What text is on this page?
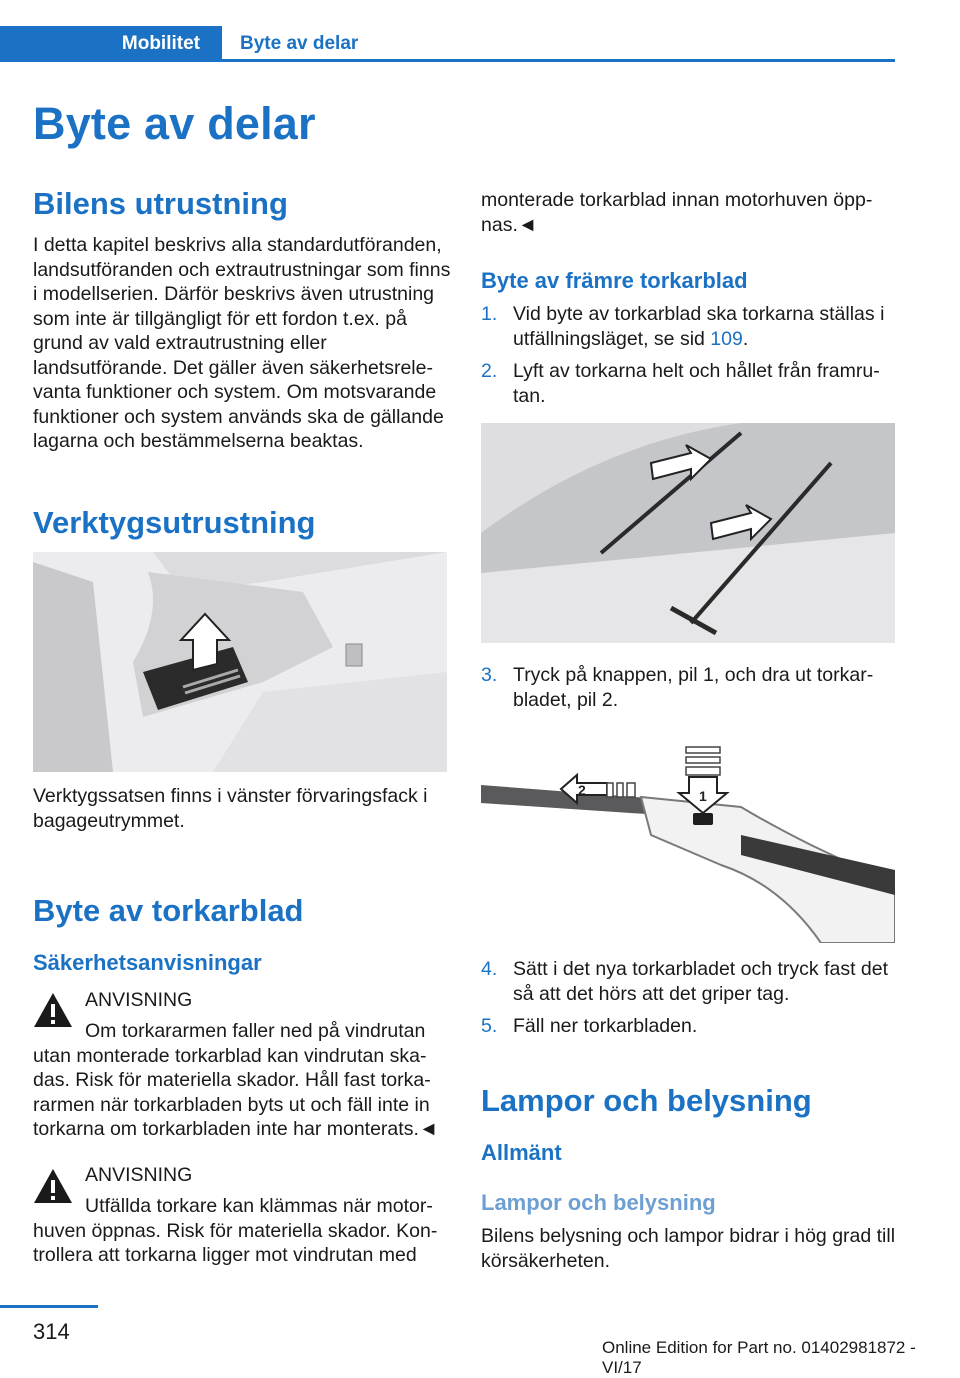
Mobilitet	Byte av delar
Byte av delar
Bilens utrustning

I detta kapitel beskrivs alla standardutföranden, landsutföranden och extrautrustningar som finns i modellserien. Därför beskrivs även utrustning som inte är tillgängligt för ett fordon t.ex. på grund av vald extrautrustning eller landsutförande. Det gäller även säkerhetsrelevanta funktioner och system. Om motsvarande funktioner och system används ska de gällande lagarna och bestämmelserna beaktas.

Verktygsutrustning

Verktygssatsen finns i vänster förvaringsfack i bagageutrymmet.

Byte av torkarblad
Säkerhetsanvisningar
ANVISNING

Om torkararmen faller ned på vindrutan utan monterade torkarblad kan vindrutan skadas. Risk för materiella skador. Håll fast torkararmen när torkarbladen byts ut och fäll inte in torkarna om torkarbladen inte har monterats.◄

ANVISNING

Utfällda torkare kan klämmas när motorhuven öppnas. Risk för materiella skador. Kontrollera att torkarna ligger mot vindrutan med

monterade torkarblad innan motorhuven öppnas.◄

Byte av främre torkarblad
1. Vid byte av torkarblad ska torkarna ställas i utfällningsläget, se sid 109.
2. Lyft av torkarna helt och hållet från framrutan.
3. Tryck på knappen, pil 1, och dra ut torkarbladet, pil 2.
1
2
4. Sätt i det nya torkarbladet och tryck fast det så att det hörs att det griper tag.
5. Fäll ner torkarbladen.
Lampor och belysning
Allmänt
Lampor och belysning

Bilens belysning och lampor bidrar i hög grad till körsäkerheten.

314
Online Edition for Part no. 01402981872 - VI/17
